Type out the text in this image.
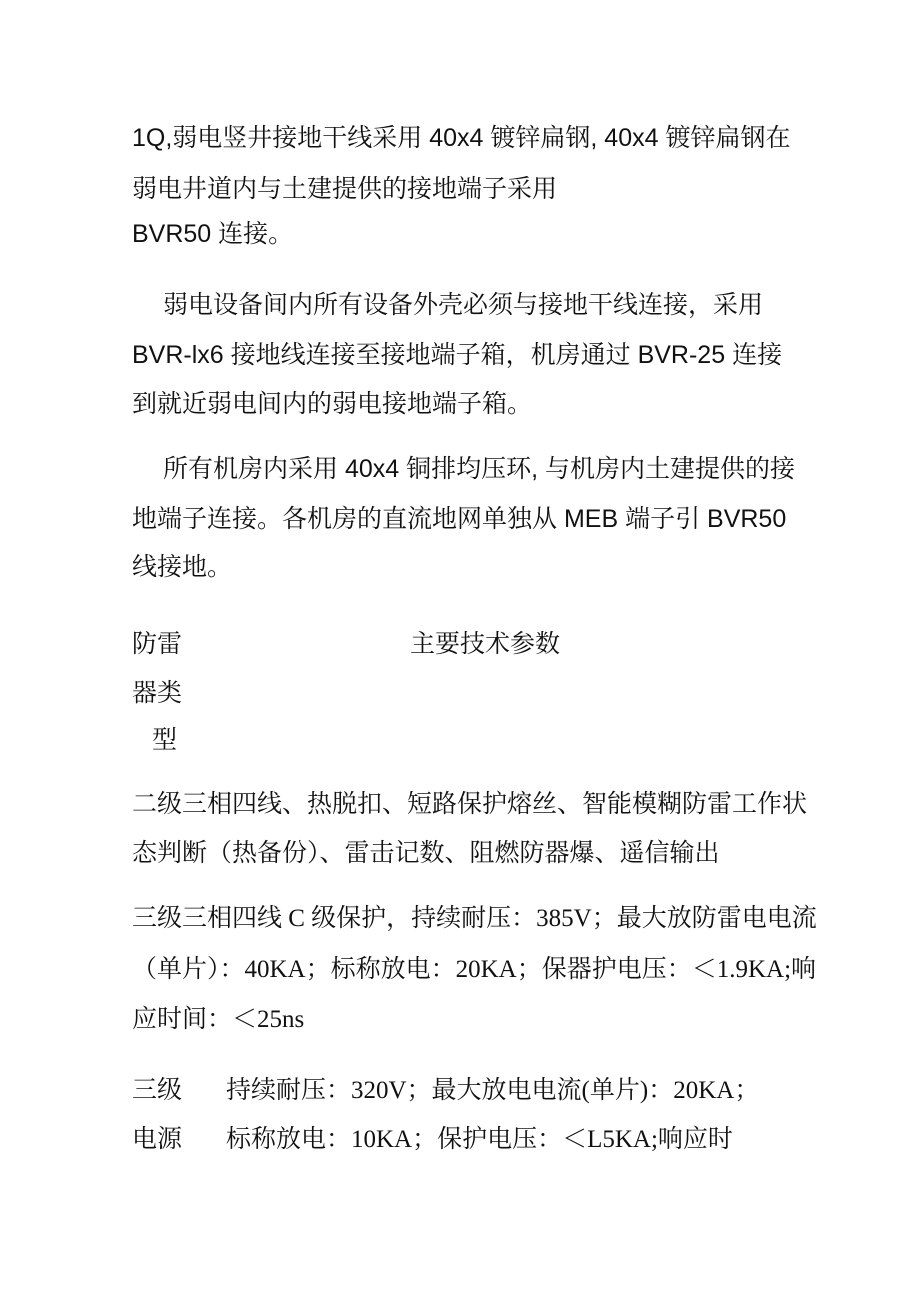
1Q,弱电竖井接地干线采用 40x4 镀锌扁钢, 40x4 镀锌扁钢在
弱电井道内与土建提供的接地端子采用
BVR50 连接。
弱电设备间内所有设备外壳必须与接地干线连接，采用
BVR-lx6 接地线连接至接地端子箱，机房通过 BVR-25 连接
到就近弱电间内的弱电接地端子箱。
所有机房内采用 40x4 铜排均压环, 与机房内土建提供的接
地端子连接。各机房的直流地网单独从 MEB 端子引 BVR50
线接地。
防雷
器类
型
主要技术参数
二级三相四线、热脱扣、短路保护熔丝、智能模糊防雷工作状
态判断（热备份）、雷击记数、阻燃防器爆、遥信输出
三级三相四线 C 级保护，持续耐压：385V；最大放防雷电电流
（单片）：40KA；标称放电：20KA；保器护电压：＜1.9KA;响
应时间：＜25ns
三级
电源
持续耐压：320V；最大放电电流(单片)：20KA；
标称放电：10KA；保护电压：＜L5KA;响应时
